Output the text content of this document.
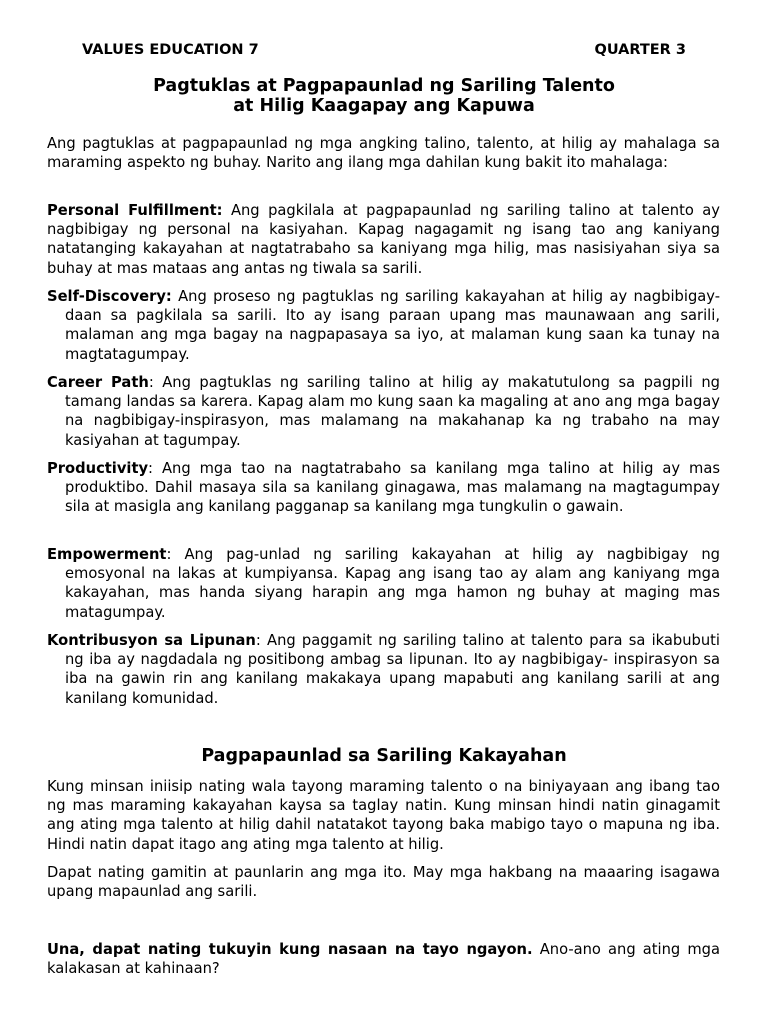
VALUES EDUCATION 7	QUARTER 3
Pagtuklas at Pagpapaunlad ng Sariling Talento
at Hilig Kaagapay ang Kapuwa

Ang pagtuklas at pagpapaunlad ng mga angking talino, talento, at hilig ay mahalaga sa maraming aspekto ng buhay. Narito ang ilang mga dahilan kung bakit ito mahalaga:

Personal Fulfillment: Ang pagkilala at pagpapaunlad ng sariling talino at talento ay nagbibigay ng personal na kasiyahan. Kapag nagagamit ng isang tao ang kaniyang natatanging kakayahan at nagtatrabaho sa kaniyang mga hilig, mas nasisiyahan siya sa buhay at mas mataas ang antas ng tiwala sa sarili.

Self-Discovery: Ang proseso ng pagtuklas ng sariling kakayahan at hilig ay nagbibigay-daan sa pagkilala sa sarili. Ito ay isang paraan upang mas maunawaan ang sarili, malaman ang mga bagay na nagpapasaya sa iyo, at malaman kung saan ka tunay na magtatagumpay.

Career Path: Ang pagtuklas ng sariling talino at hilig ay makatutulong sa pagpili ng tamang landas sa karera. Kapag alam mo kung saan ka magaling at ano ang mga bagay na nagbibigay-inspirasyon, mas malamang na makahanap ka ng trabaho na may kasiyahan at tagumpay.

Productivity: Ang mga tao na nagtatrabaho sa kanilang mga talino at hilig ay mas produktibo. Dahil masaya sila sa kanilang ginagawa, mas malamang na magtagumpay sila at masigla ang kanilang pagganap sa kanilang mga tungkulin o gawain.

Empowerment: Ang pag-unlad ng sariling kakayahan at hilig ay nagbibigay ng emosyonal na lakas at kumpiyansa. Kapag ang isang tao ay alam ang kaniyang mga kakayahan, mas handa siyang harapin ang mga hamon ng buhay at maging mas matagumpay.

Kontribusyon sa Lipunan: Ang paggamit ng sariling talino at talento para sa ikabubuti ng iba ay nagdadala ng positibong ambag sa lipunan. Ito ay nagbibigay- inspirasyon sa iba na gawin rin ang kanilang makakaya upang mapabuti ang kanilang sarili at ang kanilang komunidad.

Pagpapaunlad sa Sariling Kakayahan

Kung minsan iniisip nating wala tayong maraming talento o na biniyayaan ang ibang tao ng mas maraming kakayahan kaysa sa taglay natin. Kung minsan hindi natin ginagamit ang ating mga talento at hilig dahil natatakot tayong baka mabigo tayo o mapuna ng iba. Hindi natin dapat itago ang ating mga talento at hilig.

Dapat nating gamitin at paunlarin ang mga ito. May mga hakbang na maaaring isagawa upang mapaunlad ang sarili.

Una, dapat nating tukuyin kung nasaan na tayo ngayon. Ano-ano ang ating mga kalakasan at kahinaan?
